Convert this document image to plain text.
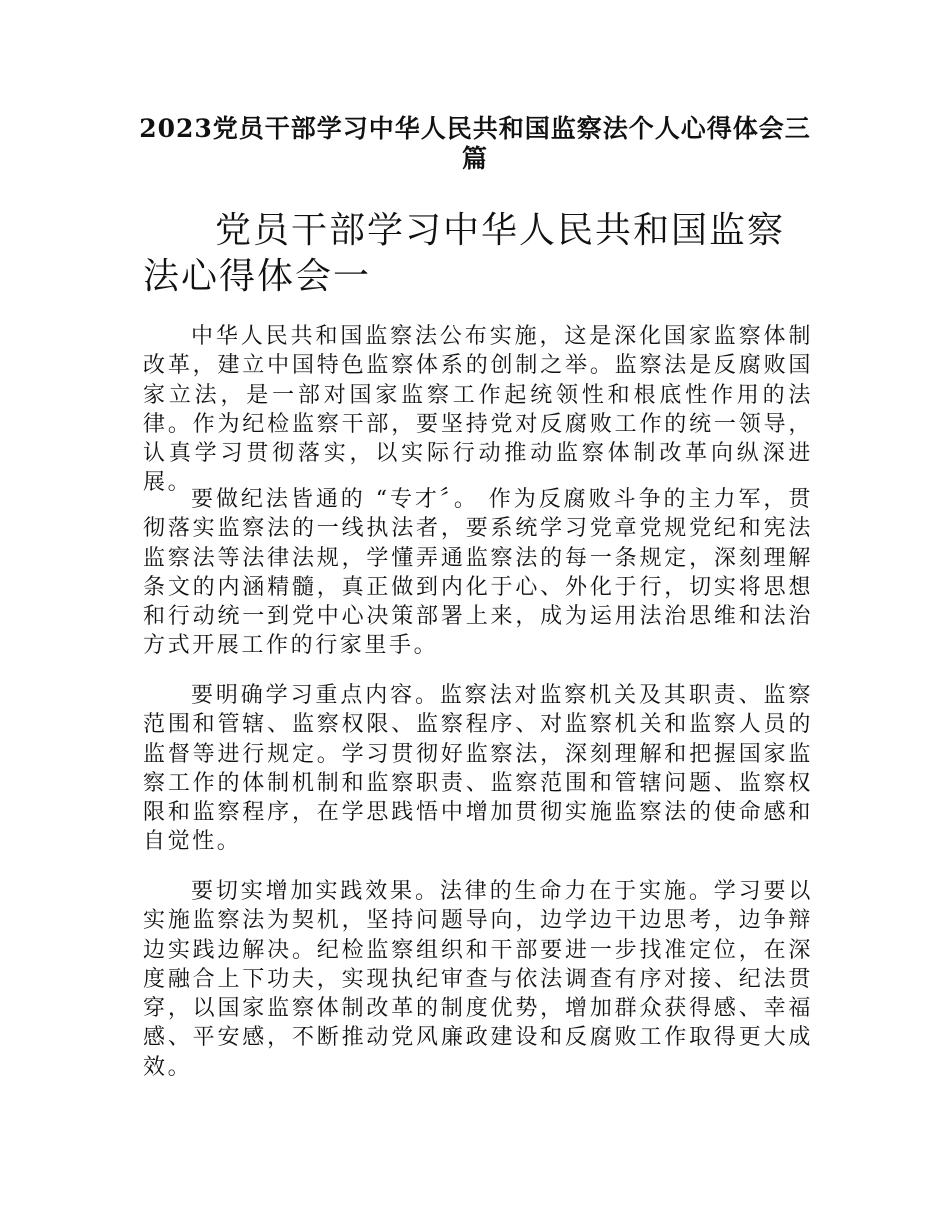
2023党员干部学习中华人民共和国监察法个人心得体会三篇
党员干部学习中华人民共和国监察法心得体会一

中华人民共和国监察法公布实施，这是深化国家监察体制改革，建立中国特色监察体系的创制之举。监察法是反腐败国家立法，是一部对国家监察工作起统领性和根底性作用的法律。作为纪检监察干部，要坚持党对反腐败工作的统一领导，认真学习贯彻落实，以实际行动推动监察体制改革向纵深进展。

要做纪法皆通的 “专才〞。 作为反腐败斗争的主力军，贯彻落实监察法的一线执法者，要系统学习党章党规党纪和宪法监察法等法律法规，学懂弄通监察法的每一条规定，深刻理解条文的内涵精髓，真正做到内化于心、外化于行，切实将思想和行动统一到党中心决策部署上来，成为运用法治思维和法治方式开展工作的行家里手。

要明确学习重点内容。监察法对监察机关及其职责、监察范围和管辖、监察权限、监察程序、对监察机关和监察人员的监督等进行规定。学习贯彻好监察法，深刻理解和把握国家监察工作的体制机制和监察职责、监察范围和管辖问题、监察权限和监察程序，在学思践悟中增加贯彻实施监察法的使命感和自觉性。

要切实增加实践效果。法律的生命力在于实施。学习要以实施监察法为契机，坚持问题导向，边学边干边思考，边争辩边实践边解决。纪检监察组织和干部要进一步找准定位，在深度融合上下功夫，实现执纪审查与依法调查有序对接、纪法贯穿，以国家监察体制改革的制度优势，增加群众获得感、幸福感、平安感，不断推动党风廉政建设和反腐败工作取得更大成效。
